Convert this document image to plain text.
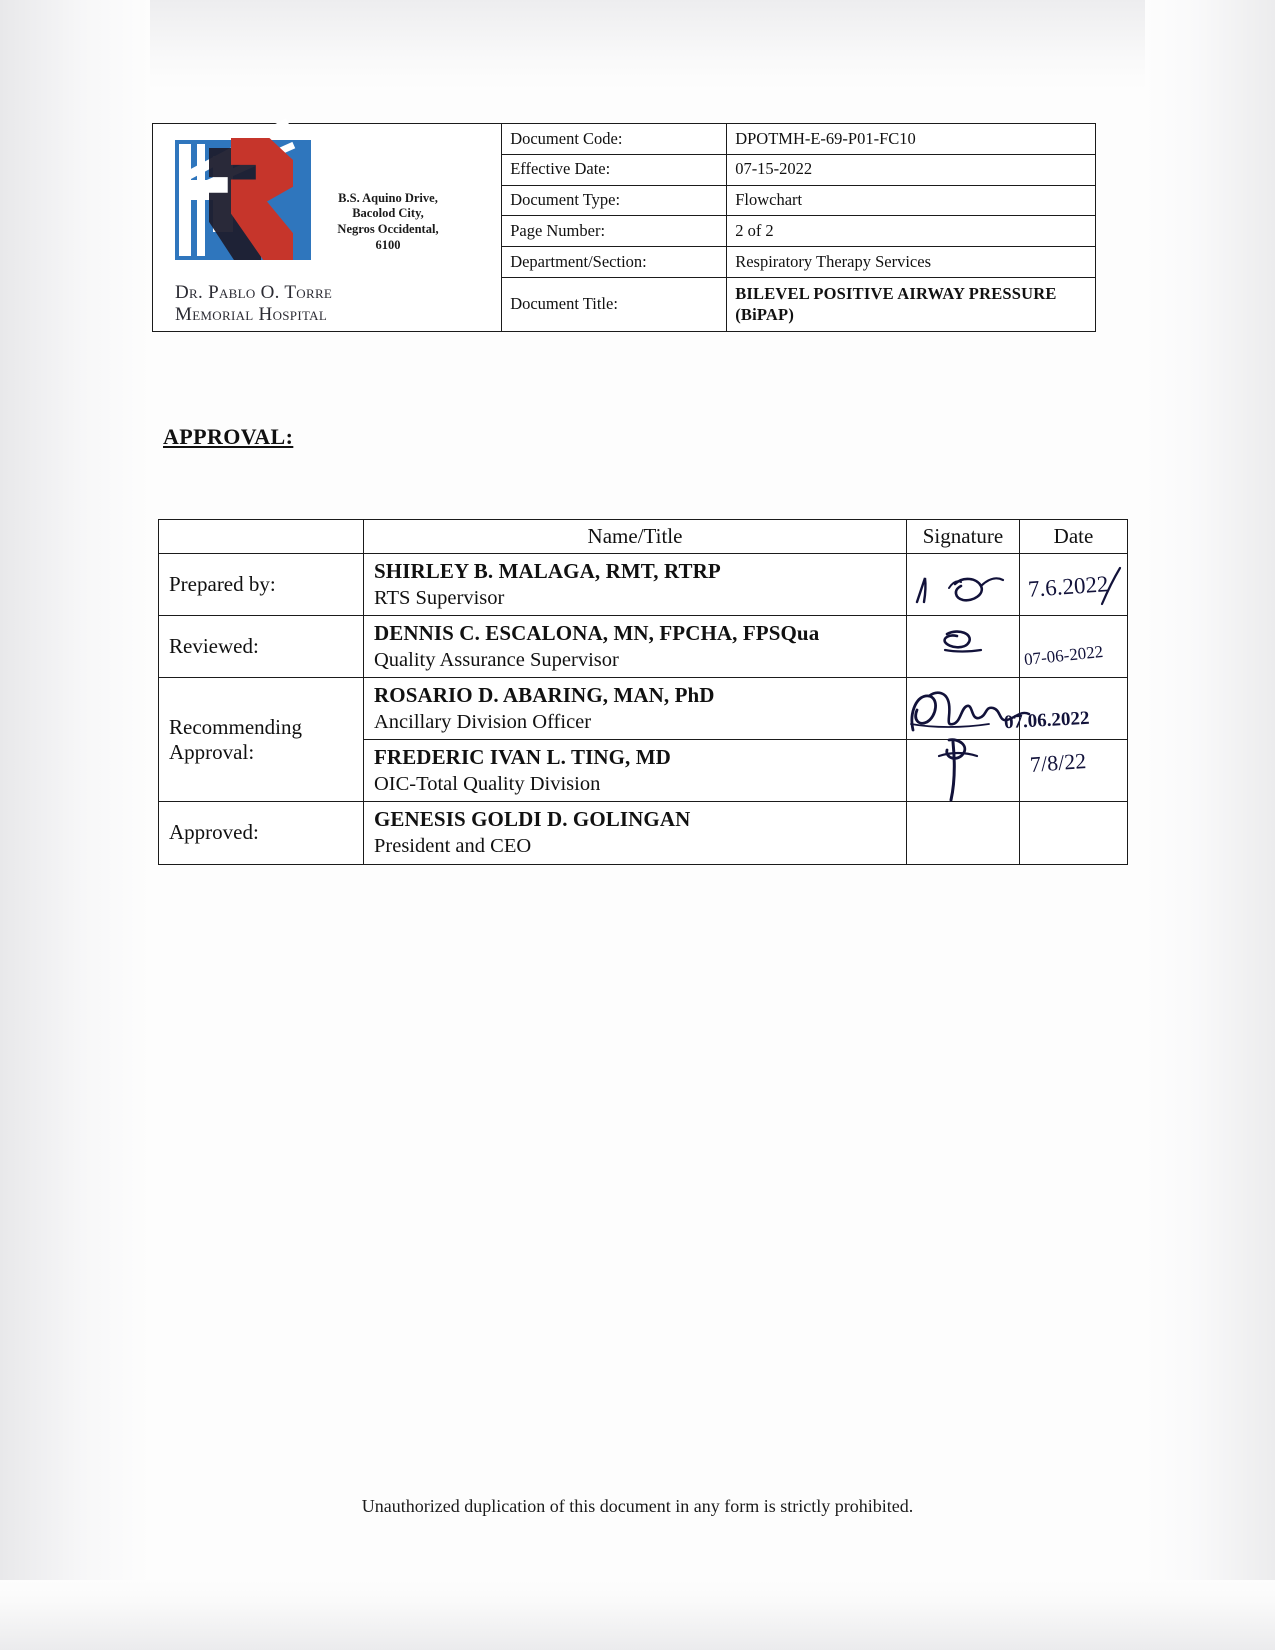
B.S. Aquino Drive,
Bacolod City,
Negros Occidental,
6100
Dr. Pablo O. Torre
Memorial Hospital
Document Code:	DPOTMH-E-69-P01-FC10
Effective Date:	07-15-2022
Document Type:	Flowchart
Page Number:	2 of 2
Department/Section:	Respiratory Therapy Services
Document Title:	BILEVEL POSITIVE AIRWAY PRESSURE (BiPAP)
APPROVAL:
	Name/Title	Signature	Date
Prepared by:	SHIRLEY B. MALAGA, RMT, RTRP
RTS Supervisor		7.6.2022

Reviewed:	DENNIS C. ESCALONA, MN, FPCHA, FPSQua
Quality Assurance Supervisor		07-06-2022

Recommending Approval:	ROSARIO D. ABARING, MAN, PhD
Ancillary Division Officer		07.06.2022

	FREDERIC IVAN L. TING, MD
OIC-Total Quality Division		7/8/22

Approved:	GENESIS GOLDI D. GOLINGAN
President and CEO		

Unauthorized duplication of this document in any form is strictly prohibited.
